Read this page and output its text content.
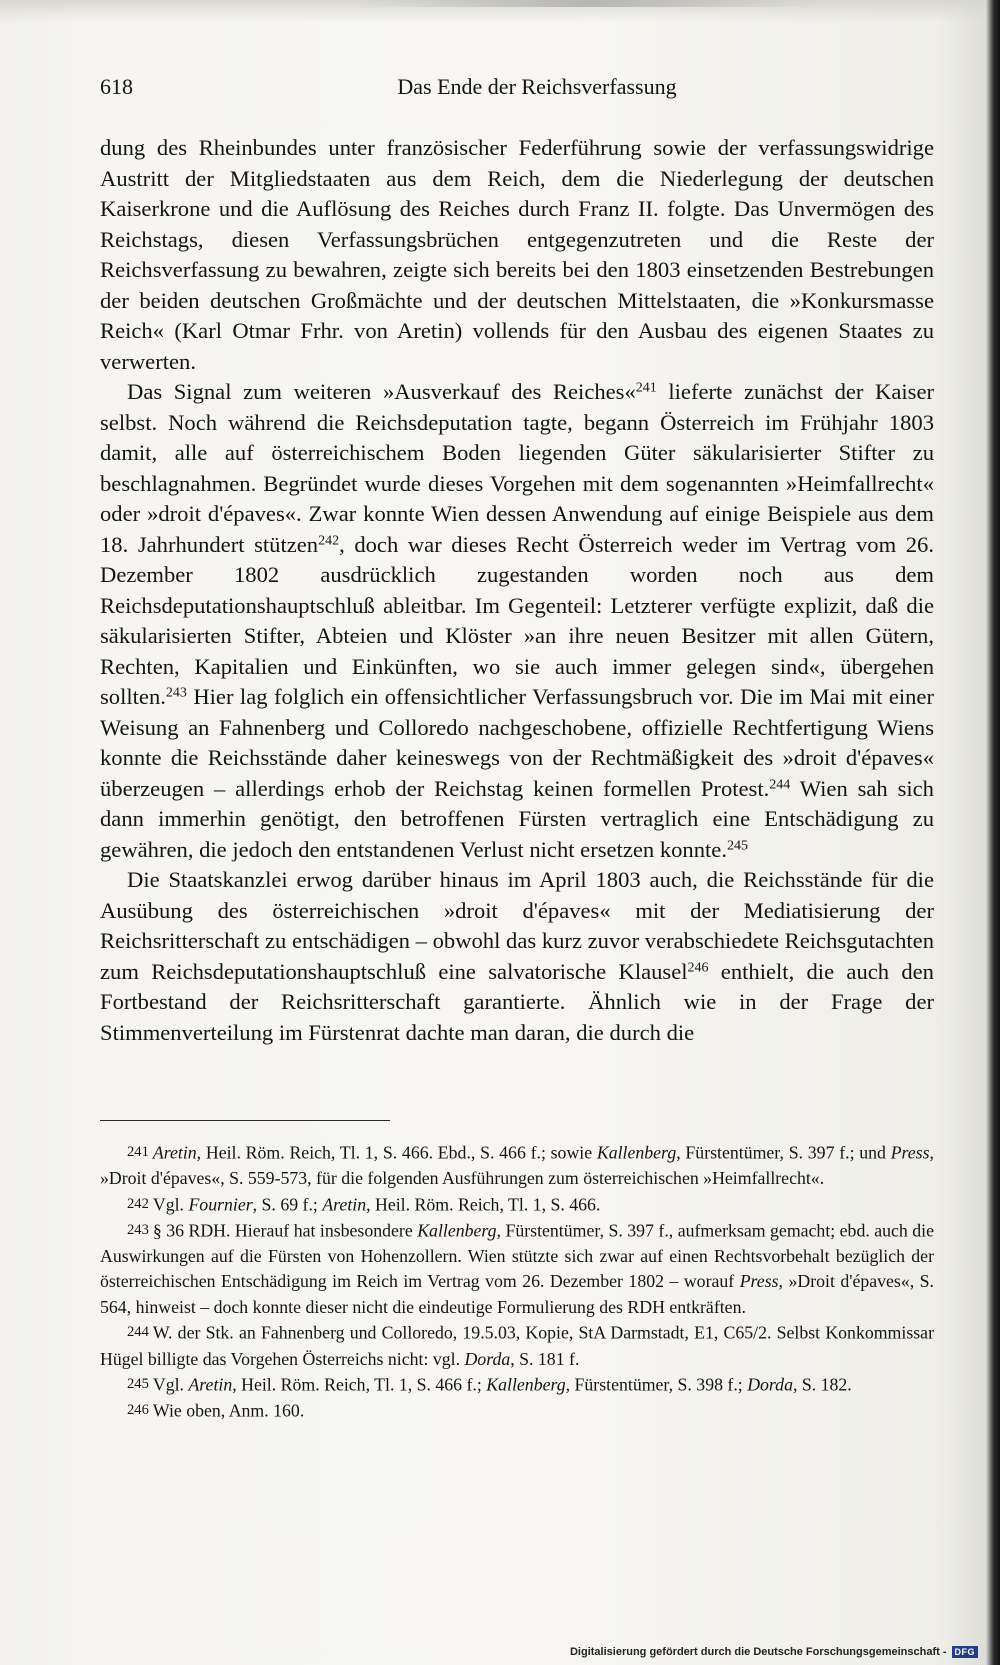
618	Das Ende der Reichsverfassung

dung des Rheinbundes unter französischer Federführung sowie der verfassungswidrige Austritt der Mitgliedstaaten aus dem Reich, dem die Niederlegung der deutschen Kaiserkrone und die Auflösung des Reiches durch Franz II. folgte. Das Unvermögen des Reichstags, diesen Verfassungsbrüchen entgegenzutreten und die Reste der Reichsverfassung zu bewahren, zeigte sich bereits bei den 1803 einsetzenden Bestrebungen der beiden deutschen Großmächte und der deutschen Mittelstaaten, die »Konkursmasse Reich« (Karl Otmar Frhr. von Aretin) vollends für den Ausbau des eigenen Staates zu verwerten.

Das Signal zum weiteren »Ausverkauf des Reiches«$^{241}$ lieferte zunächst der Kaiser selbst. Noch während die Reichsdeputation tagte, begann Österreich im Frühjahr 1803 damit, alle auf österreichischem Boden liegenden Güter säkularisierter Stifter zu beschlagnahmen. Begründet wurde dieses Vorgehen mit dem sogenannten »Heimfallrecht« oder »droit d'épaves«. Zwar konnte Wien dessen Anwendung auf einige Beispiele aus dem 18. Jahrhundert stützen$^{242}$, doch war dieses Recht Österreich weder im Vertrag vom 26. Dezember 1802 ausdrücklich zugestanden worden noch aus dem Reichsdeputationshauptschluß ableitbar. Im Gegenteil: Letzterer verfügte explizit, daß die säkularisierten Stifter, Abteien und Klöster »an ihre neuen Besitzer mit allen Gütern, Rechten, Kapitalien und Einkünften, wo sie auch immer gelegen sind«, übergehen sollten.$^{243}$ Hier lag folglich ein offensichtlicher Verfassungsbruch vor. Die im Mai mit einer Weisung an Fahnenberg und Colloredo nachgeschobene, offizielle Rechtfertigung Wiens konnte die Reichsstände daher keineswegs von der Rechtmäßigkeit des »droit d'épaves« überzeugen – allerdings erhob der Reichstag keinen formellen Protest.$^{244}$ Wien sah sich dann immerhin genötigt, den betroffenen Fürsten vertraglich eine Entschädigung zu gewähren, die jedoch den entstandenen Verlust nicht ersetzen konnte.$^{245}$

Die Staatskanzlei erwog darüber hinaus im April 1803 auch, die Reichsstände für die Ausübung des österreichischen »droit d'épaves« mit der Mediatisierung der Reichsritterschaft zu entschädigen – obwohl das kurz zuvor verabschiedete Reichsgutachten zum Reichsdeputationshauptschluß eine salvatorische Klausel$^{246}$ enthielt, die auch den Fortbestand der Reichsritterschaft garantierte. Ähnlich wie in der Frage der Stimmenverteilung im Fürstenrat dachte man daran, die durch die

241 Aretin, Heil. Röm. Reich, Tl. 1, S. 466. Ebd., S. 466 f.; sowie Kallenberg, Fürstentümer, S. 397 f.; und Press, »Droit d'épaves«, S. 559-573, für die folgenden Ausführungen zum österreichischen »Heimfallrecht«.

242 Vgl. Fournier, S. 69 f.; Aretin, Heil. Röm. Reich, Tl. 1, S. 466.

243 § 36 RDH. Hierauf hat insbesondere Kallenberg, Fürstentümer, S. 397 f., aufmerksam gemacht; ebd. auch die Auswirkungen auf die Fürsten von Hohenzollern. Wien stützte sich zwar auf einen Rechtsvorbehalt bezüglich der österreichischen Entschädigung im Reich im Vertrag vom 26. Dezember 1802 – worauf Press, »Droit d'épaves«, S. 564, hinweist – doch konnte dieser nicht die eindeutige Formulierung des RDH entkräften.

244 W. der Stk. an Fahnenberg und Colloredo, 19.5.03, Kopie, StA Darmstadt, E1, C65/2. Selbst Konkommissar Hügel billigte das Vorgehen Österreichs nicht: vgl. Dorda, S. 181 f.

245 Vgl. Aretin, Heil. Röm. Reich, Tl. 1, S. 466 f.; Kallenberg, Fürstentümer, S. 398 f.; Dorda, S. 182.

246 Wie oben, Anm. 160.

Digitalisierung gefördert durch die Deutsche Forschungsgemeinschaft - DFG
